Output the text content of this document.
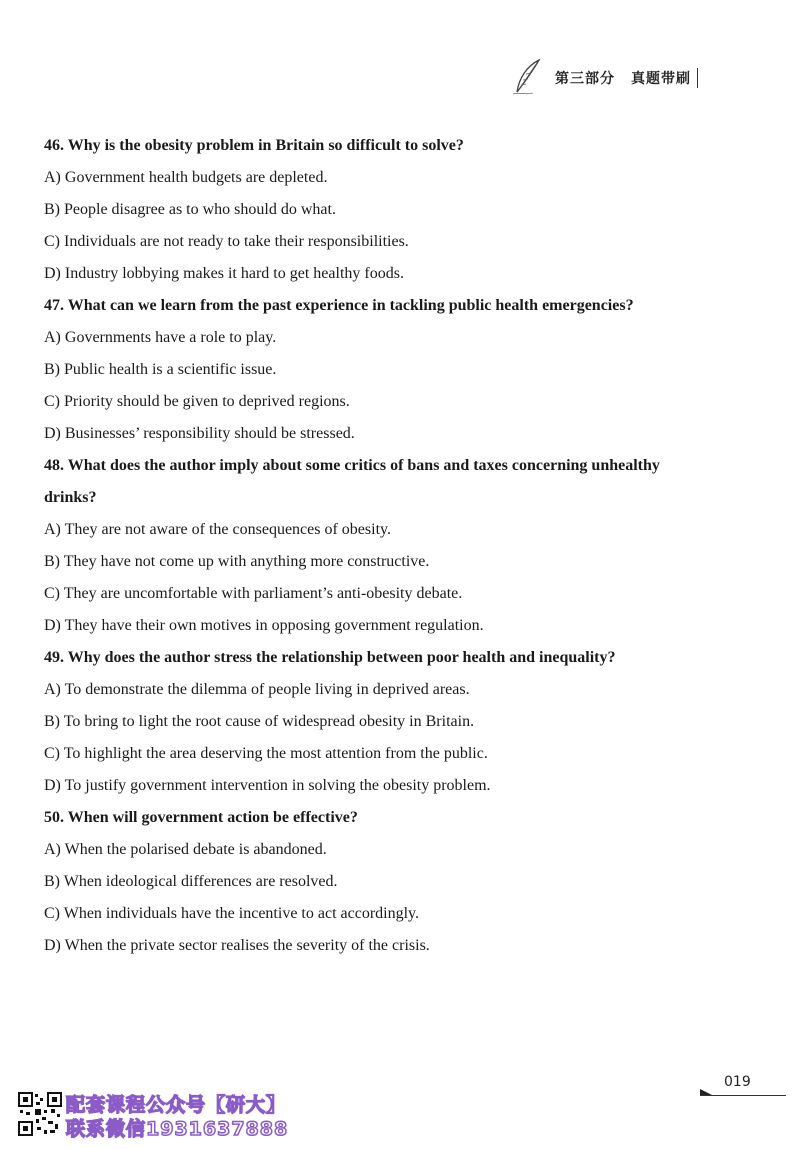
第三部分 真题带刷
46. Why is the obesity problem in Britain so difficult to solve?
A) Government health budgets are depleted.
B) People disagree as to who should do what.
C) Individuals are not ready to take their responsibilities.
D) Industry lobbying makes it hard to get healthy foods.
47. What can we learn from the past experience in tackling public health emergencies?
A) Governments have a role to play.
B) Public health is a scientific issue.
C) Priority should be given to deprived regions.
D) Businesses’ responsibility should be stressed.
48. What does the author imply about some critics of bans and taxes concerning unhealthy
drinks?
A) They are not aware of the consequences of obesity.
B) They have not come up with anything more constructive.
C) They are uncomfortable with parliament’s anti-obesity debate.
D) They have their own motives in opposing government regulation.
49. Why does the author stress the relationship between poor health and inequality?
A) To demonstrate the dilemma of people living in deprived areas.
B) To bring to light the root cause of widespread obesity in Britain.
C) To highlight the area deserving the most attention from the public.
D) To justify government intervention in solving the obesity problem.
50. When will government action be effective?
A) When the polarised debate is abandoned.
B) When ideological differences are resolved.
C) When individuals have the incentive to act accordingly.
D) When the private sector realises the severity of the crisis.
019
配套课程公众号【研大】
联系微信1931637888
